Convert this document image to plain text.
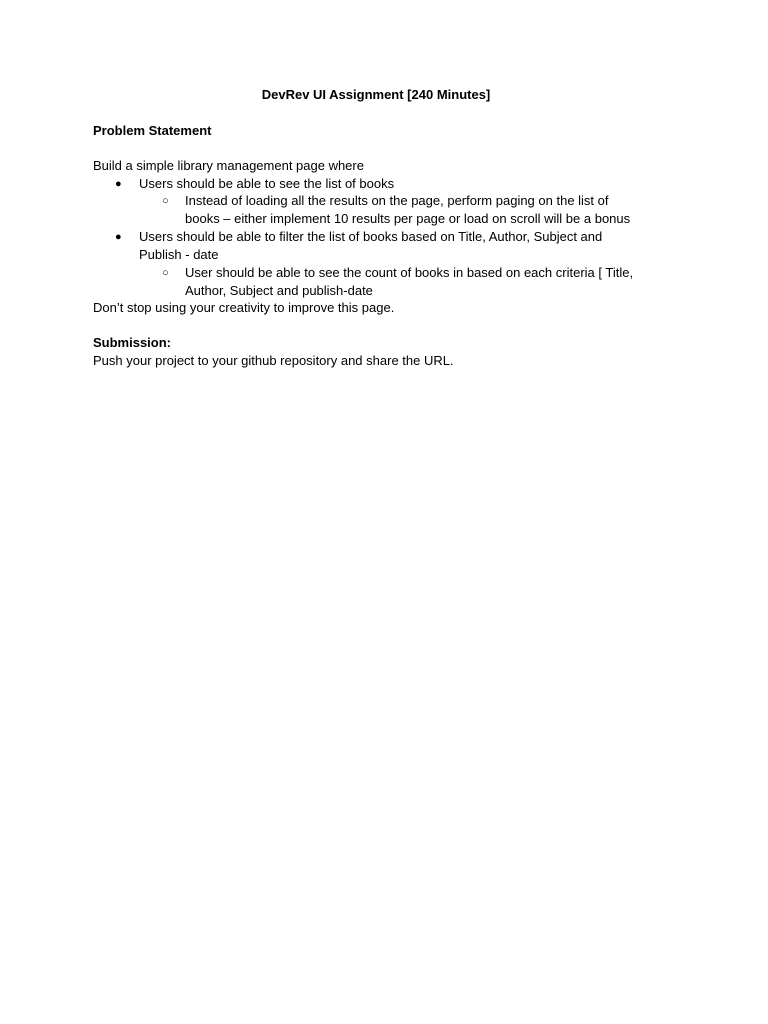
DevRev UI Assignment [240 Minutes]
Problem Statement
Build a simple library management page where
● Users should be able to see the list of books
○ Instead of loading all the results on the page, perform paging on the list of
books – either implement 10 results per page or load on scroll will be a bonus
● Users should be able to filter the list of books based on Title, Author, Subject and
Publish - date
○ User should be able to see the count of books in based on each criteria [ Title,
Author, Subject and publish-date
Don’t stop using your creativity to improve this page.
Submission:
Push your project to your github repository and share the URL.
